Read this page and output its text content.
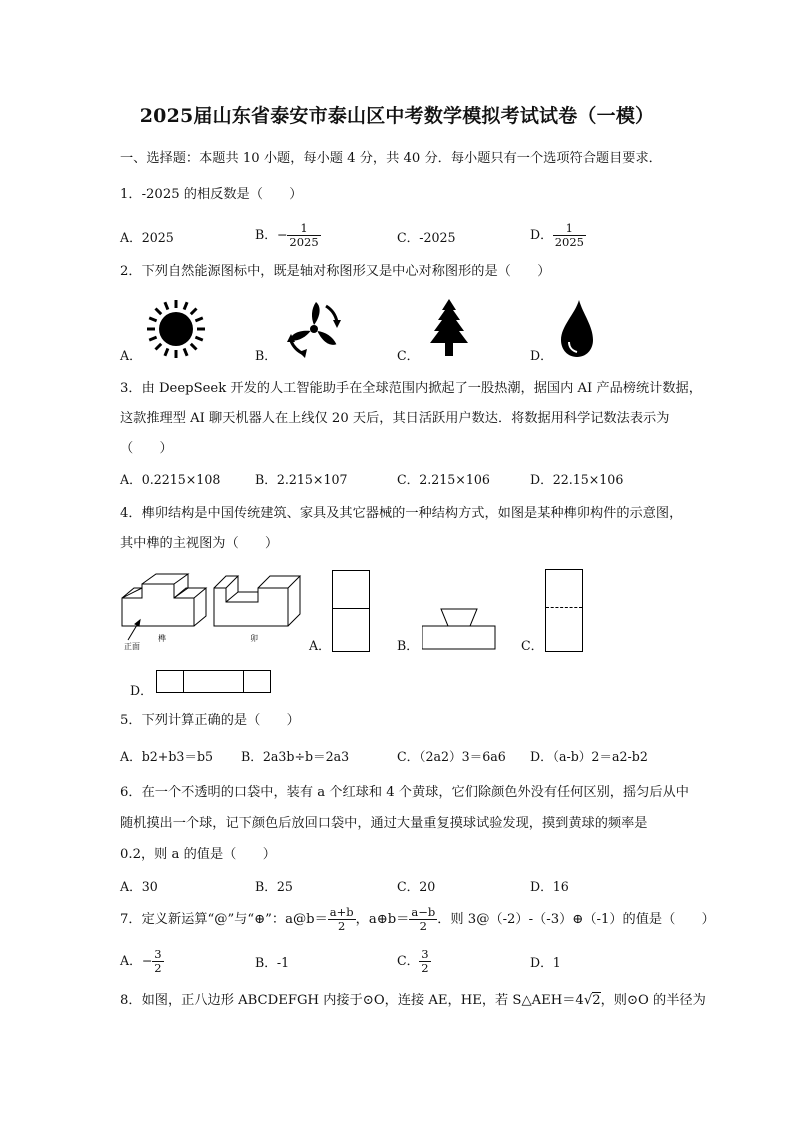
2025届山东省泰安市泰山区中考数学模拟考试试卷（一模）
一、选择题：本题共 10 小题，每小题 4 分，共 40 分．每小题只有一个选项符合题目要求．
1．-2025 的相反数是（　　）
A．2025	B．− $\frac{1}{2025}$	C．-2025	D． $\frac{1}{2025}$
2．下列自然能源图标中，既是轴对称图形又是中心对称图形的是（　　）
A．	B．	C．	D．
3．由 DeepSeek 开发的人工智能助手在全球范围内掀起了一股热潮，据国内 AI 产品榜统计数据，
这款推理型 AI 聊天机器人在上线仅 20 天后，其日活跃用户数达．将数据用科学记数法表示为
（　　）
A．0.2215×108	B．2.215×107	C．2.215×106	D．22.15×106
4．榫卯结构是中国传统建筑、家具及其它器械的一种结构方式，如图是某种榫卯构件的示意图，
其中榫的主视图为（　　）
正面
榫	卯	A．	B．	C．
D．
5．下列计算正确的是（　　）
A．b2+b3＝b5 B．2a3b÷b＝2a3	C．（2a2）3＝6a6 D．（a-b）2＝a2-b2
6．在一个不透明的口袋中，装有 a 个红球和 4 个黄球，它们除颜色外没有任何区别，摇匀后从中
随机摸出一个球，记下颜色后放回口袋中，通过大量重复摸球试验发现，摸到黄球的频率是
0.2，则 a 的值是（　　）
A．30	B．25	C．20	D．16
7．定义新运算“@”与“⊕”：a@b＝ $\frac{a+b}{2}$ ，a⊕b＝ $\frac{a-b}{2}$ ．则 3@（-2）-（-3）⊕（-1）的值是（　　）
A．− $\frac{3}{2}$	B．-1	C． $\frac{3}{2}$	D．1
8．如图，正八边形 ABCDEFGH 内接于⊙O，连接 AE，HE，若 S△AEH＝4√2，则⊙O 的半径为
